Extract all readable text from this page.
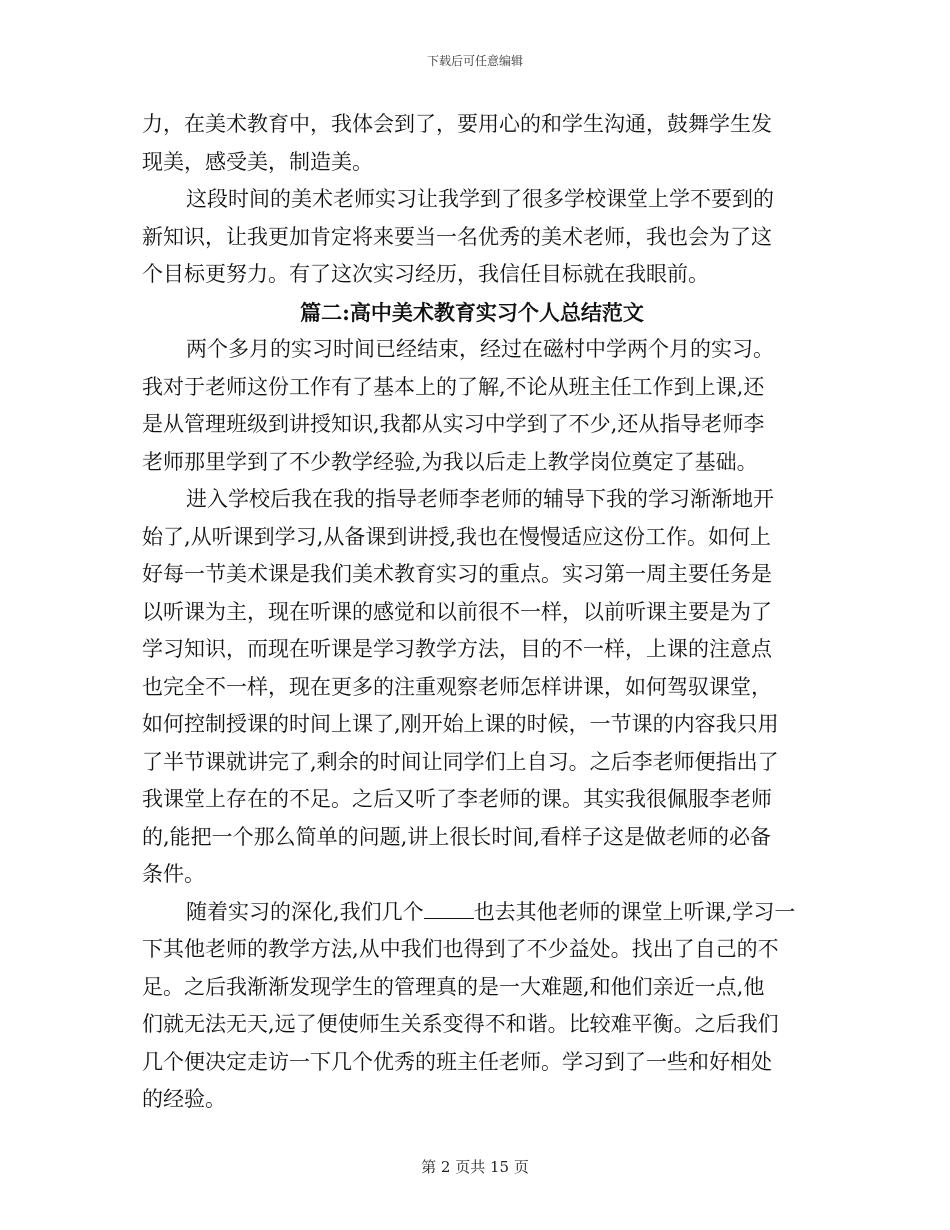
下载后可任意编辑
力，在美术教育中，我体会到了，要用心的和学生沟通，鼓舞学生发
现美，感受美，制造美。
这段时间的美术老师实习让我学到了很多学校课堂上学不要到的
新知识，让我更加肯定将来要当一名优秀的美术老师，我也会为了这
个目标更努力。有了这次实习经历，我信任目标就在我眼前。
篇二:高中美术教育实习个人总结范文
两个多月的实习时间已经结束，经过在磁村中学两个月的实习。
我对于老师这份工作有了基本上的了解,不论从班主任工作到上课,还
是从管理班级到讲授知识,我都从实习中学到了不少,还从指导老师李
老师那里学到了不少教学经验,为我以后走上教学岗位奠定了基础。
进入学校后我在我的指导老师李老师的辅导下我的学习渐渐地开
始了,从听课到学习,从备课到讲授,我也在慢慢适应这份工作。如何上
好每一节美术课是我们美术教育实习的重点。实习第一周主要任务是
以听课为主，现在听课的感觉和以前很不一样，以前听课主要是为了
学习知识，而现在听课是学习教学方法，目的不一样，上课的注意点
也完全不一样，现在更多的注重观察老师怎样讲课，如何驾驭课堂，
如何控制授课的时间上课了,刚开始上课的时候，一节课的内容我只用
了半节课就讲完了,剩余的时间让同学们上自习。之后李老师便指出了
我课堂上存在的不足。之后又听了李老师的课。其实我很佩服李老师
的,能把一个那么简单的问题,讲上很长时间,看样子这是做老师的必备
条件。
随着实习的深化,我们几个 也去其他老师的课堂上听课,学习一
下其他老师的教学方法,从中我们也得到了不少益处。找出了自己的不
足。之后我渐渐发现学生的管理真的是一大难题,和他们亲近一点,他
们就无法无天,远了便使师生关系变得不和谐。比较难平衡。之后我们
几个便决定走访一下几个优秀的班主任老师。学习到了一些和好相处
的经验。
第 2 页共 15 页
